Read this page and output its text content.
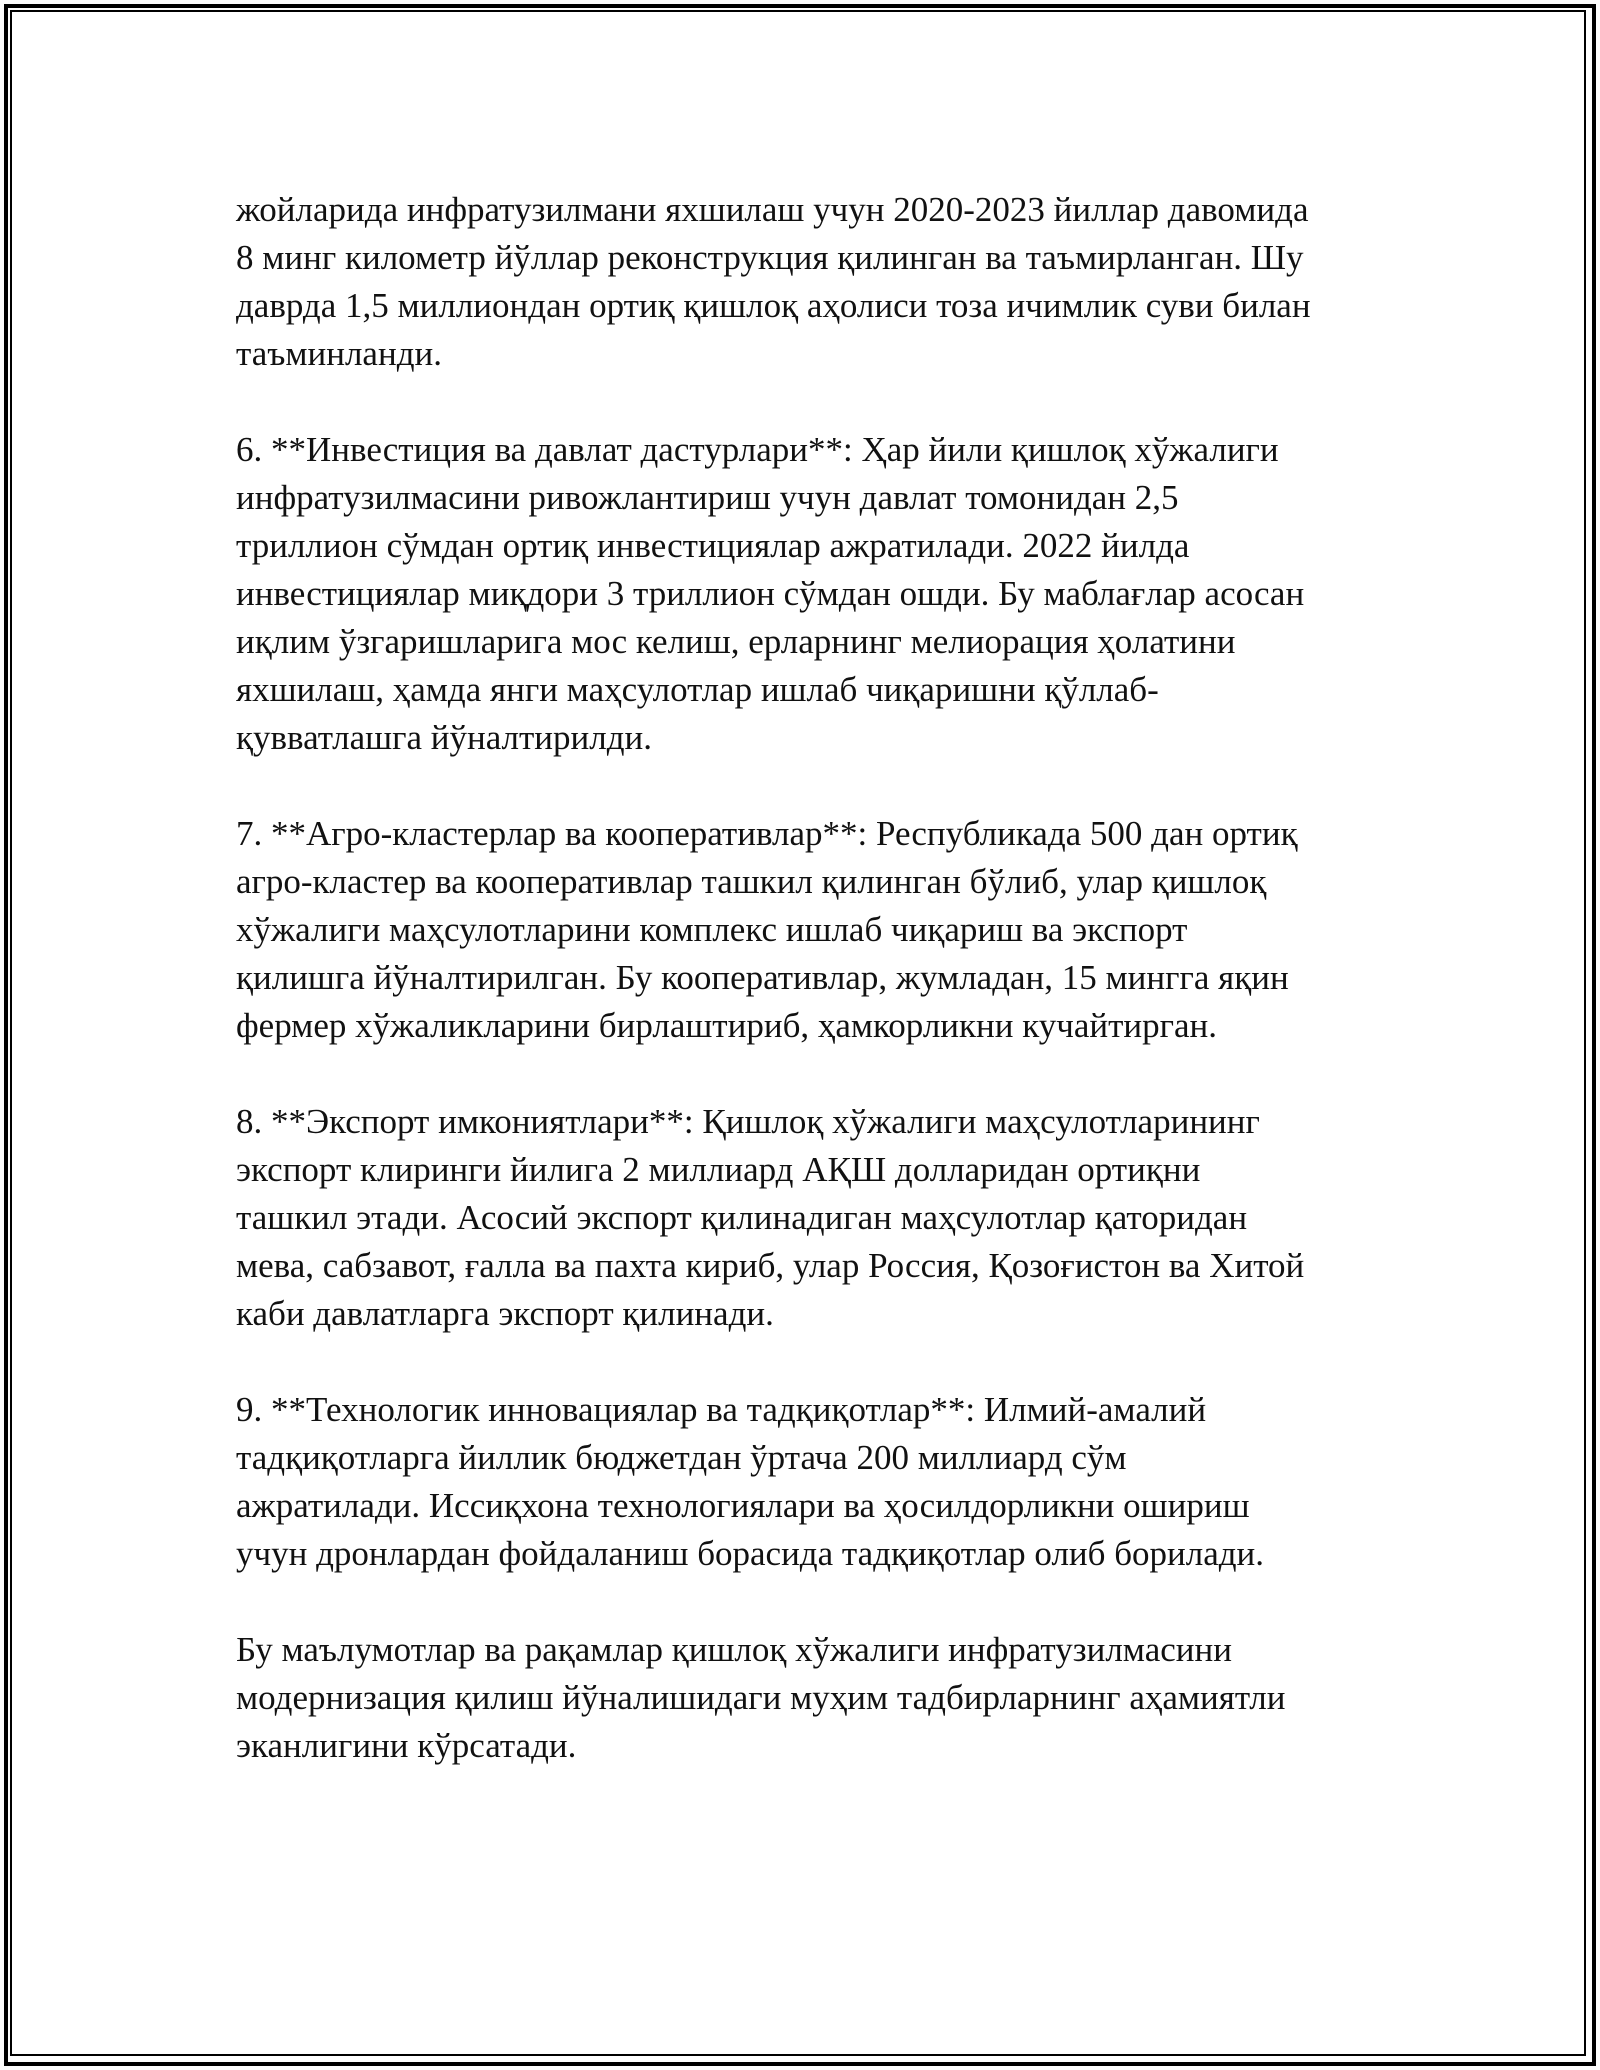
жойларида инфратузилмани яхшилаш учун 2020-2023 йиллар давомида
8 минг километр йўллар реконструкция қилинган ва таъмирланган. Шу
даврда 1,5 миллиондан ортиқ қишлоқ аҳолиси тоза ичимлик суви билан
таъминланди.

6. **Инвестиция ва давлат дастурлари**: Ҳар йили қишлоқ хўжалиги
инфратузилмасини ривожлантириш учун давлат томонидан 2,5
триллион сўмдан ортиқ инвестициялар ажратилади. 2022 йилда
инвестициялар миқдори 3 триллион сўмдан ошди. Бу маблағлар асосан
иқлим ўзгаришларига мос келиш, ерларнинг мелиорация ҳолатини
яхшилаш, ҳамда янги маҳсулотлар ишлаб чиқаришни қўллаб-
қувватлашга йўналтирилди.

7. **Агро-кластерлар ва кооперативлар**: Республикада 500 дан ортиқ
агро-кластер ва кооперативлар ташкил қилинган бўлиб, улар қишлоқ
хўжалиги маҳсулотларини комплекс ишлаб чиқариш ва экспорт
қилишга йўналтирилган. Бу кооперативлар, жумладан, 15 мингга яқин
фермер хўжаликларини бирлаштириб, ҳамкорликни кучайтирган.

8. **Экспорт имкониятлари**: Қишлоқ хўжалиги маҳсулотларининг
экспорт клиринги йилига 2 миллиард АҚШ долларидан ортиқни
ташкил этади. Асосий экспорт қилинадиган маҳсулотлар қаторидан
мева, сабзавот, ғалла ва пахта кириб, улар Россия, Қозоғистон ва Хитой
каби давлатларга экспорт қилинади.

9. **Технологик инновациялар ва тадқиқотлар**: Илмий-амалий
тадқиқотларга йиллик бюджетдан ўртача 200 миллиард сўм
ажратилади. Иссиқхона технологиялари ва ҳосилдорликни ошириш
учун дронлардан фойдаланиш борасида тадқиқотлар олиб борилади.

Бу маълумотлар ва рақамлар қишлоқ хўжалиги инфратузилмасини
модернизация қилиш йўналишидаги муҳим тадбирларнинг аҳамиятли
эканлигини кўрсатади.
